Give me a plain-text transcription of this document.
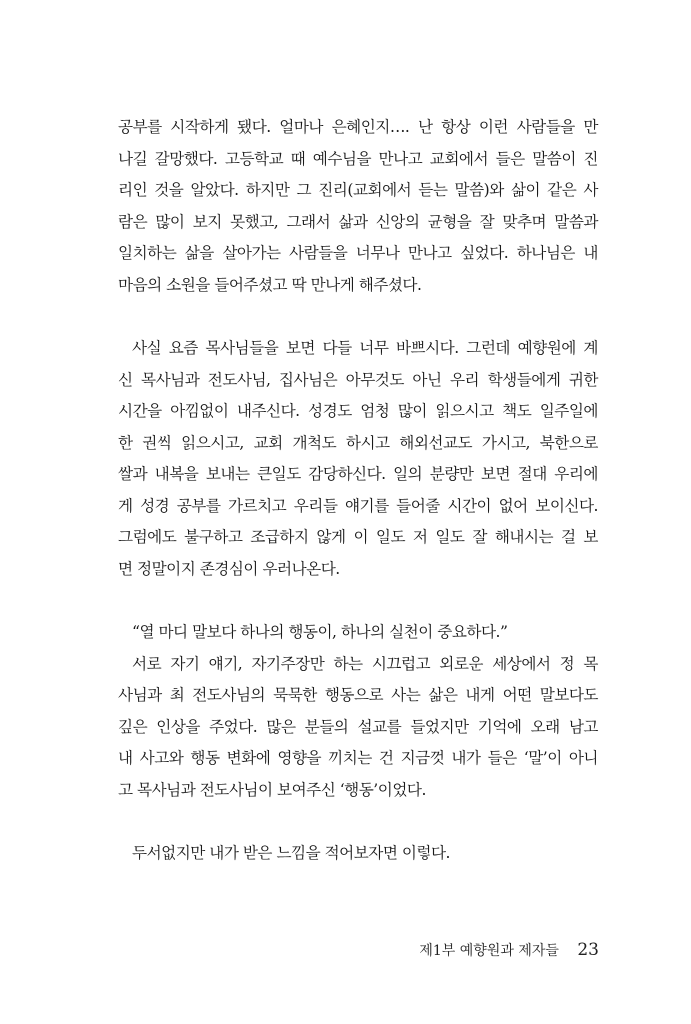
공부를 시작하게 됐다. 얼마나 은혜인지…. 난 항상 이런 사람들을 만
나길 갈망했다. 고등학교 때 예수님을 만나고 교회에서 들은 말씀이 진
리인 것을 알았다. 하지만 그 진리(교회에서 듣는 말씀)와 삶이 같은 사
람은 많이 보지 못했고, 그래서 삶과 신앙의 균형을 잘 맞추며 말씀과
일치하는 삶을 살아가는 사람들을 너무나 만나고 싶었다. 하나님은 내
마음의 소원을 들어주셨고 딱 만나게 해주셨다.
사실 요즘 목사님들을 보면 다들 너무 바쁘시다. 그런데 예향원에 계
신 목사님과 전도사님, 집사님은 아무것도 아닌 우리 학생들에게 귀한
시간을 아낌없이 내주신다. 성경도 엄청 많이 읽으시고 책도 일주일에
한 권씩 읽으시고, 교회 개척도 하시고 해외선교도 가시고, 북한으로
쌀과 내복을 보내는 큰일도 감당하신다. 일의 분량만 보면 절대 우리에
게 성경 공부를 가르치고 우리들 얘기를 들어줄 시간이 없어 보이신다.
그럼에도 불구하고 조급하지 않게 이 일도 저 일도 잘 해내시는 걸 보
면 정말이지 존경심이 우러나온다.
“열 마디 말보다 하나의 행동이, 하나의 실천이 중요하다.”
서로 자기 얘기, 자기주장만 하는 시끄럽고 외로운 세상에서 정 목
사님과 최 전도사님의 묵묵한 행동으로 사는 삶은 내게 어떤 말보다도
깊은 인상을 주었다. 많은 분들의 설교를 들었지만 기억에 오래 남고
내 사고와 행동 변화에 영향을 끼치는 건 지금껏 내가 들은 ‘말’이 아니
고 목사님과 전도사님이 보여주신 ‘행동’이었다.
두서없지만 내가 받은 느낌을 적어보자면 이렇다.
제1부 예향원과 제자들 23
